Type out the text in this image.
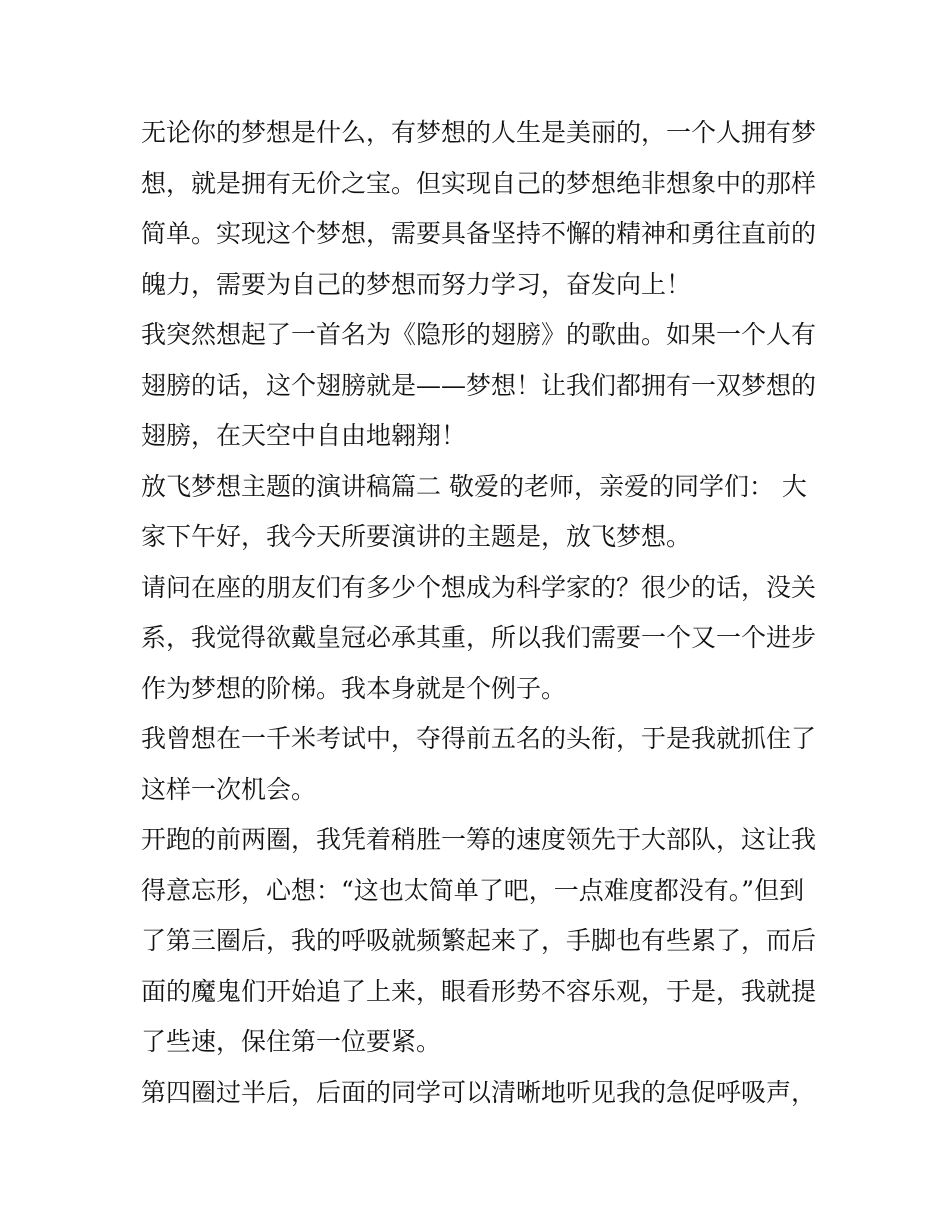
无论你的梦想是什么，有梦想的人生是美丽的，一个人拥有梦
想，就是拥有无价之宝。但实现自己的梦想绝非想象中的那样
简单。实现这个梦想，需要具备坚持不懈的精神和勇往直前的
魄力，需要为自己的梦想而努力学习，奋发向上！
我突然想起了一首名为《隐形的翅膀》的歌曲。如果一个人有
翅膀的话，这个翅膀就是——梦想！让我们都拥有一双梦想的
翅膀，在天空中自由地翱翔！
放飞梦想主题的演讲稿篇二 敬爱的老师，亲爱的同学们： 大
家下午好，我今天所要演讲的主题是，放飞梦想。
请问在座的朋友们有多少个想成为科学家的？很少的话，没关
系，我觉得欲戴皇冠必承其重，所以我们需要一个又一个进步
作为梦想的阶梯。我本身就是个例子。
我曾想在一千米考试中，夺得前五名的头衔，于是我就抓住了
这样一次机会。
开跑的前两圈，我凭着稍胜一筹的速度领先于大部队，这让我
得意忘形，心想：“这也太简单了吧，一点难度都没有。”但到
了第三圈后，我的呼吸就频繁起来了，手脚也有些累了，而后
面的魔鬼们开始追了上来，眼看形势不容乐观，于是，我就提
了些速，保住第一位要紧。
第四圈过半后，后面的同学可以清晰地听见我的急促呼吸声，
